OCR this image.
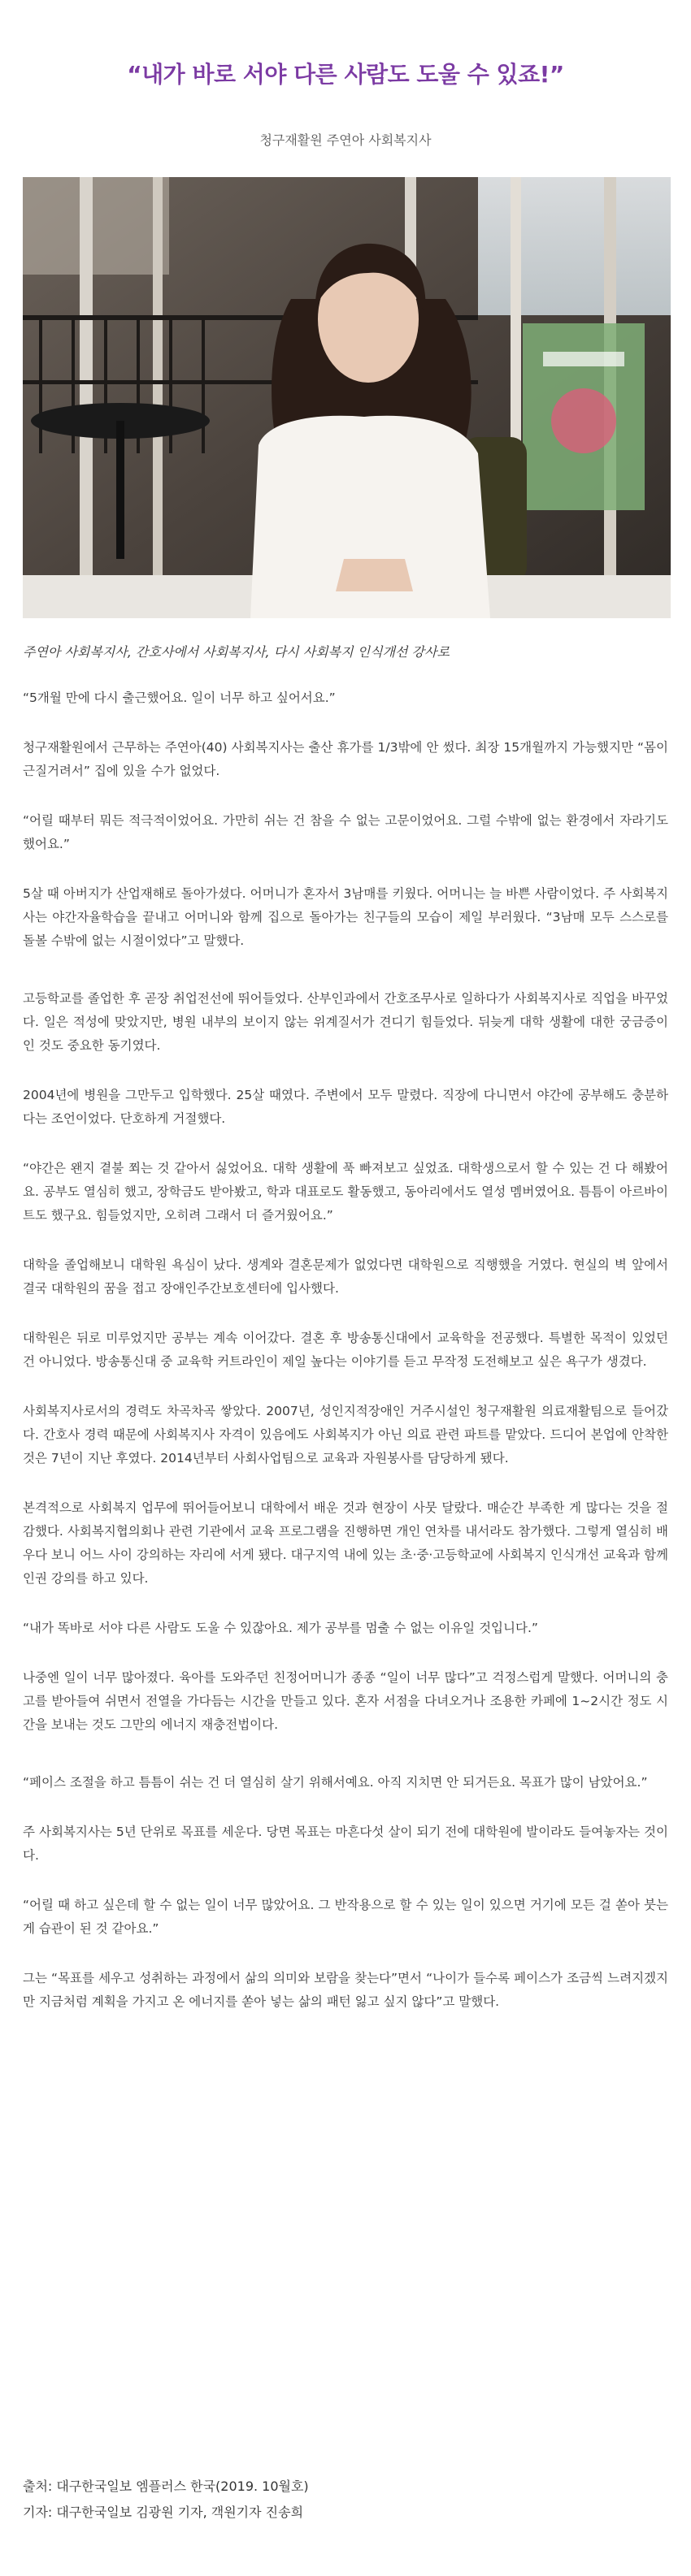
“내가 바로 서야 다른 사람도 도울 수 있죠!”
청구재활원 주연아 사회복지사
주연아 사회복지사, 간호사에서 사회복지사, 다시 사회복지 인식개선 강사로

“5개월 만에 다시 출근했어요. 일이 너무 하고 싶어서요.”

청구재활원에서 근무하는 주연아(40) 사회복지사는 출산 휴가를 1/3밖에 안 썼다. 최장 15개월까지 가능했지만 “몸이 근질거려서” 집에 있을 수가 없었다.

“어릴 때부터 뭐든 적극적이었어요. 가만히 쉬는 건 참을 수 없는 고문이었어요. 그럴 수밖에 없는 환경에서 자라기도 했어요.”

5살 때 아버지가 산업재해로 돌아가셨다. 어머니가 혼자서 3남매를 키웠다. 어머니는 늘 바쁜 사람이었다. 주 사회복지사는 야간자율학습을 끝내고 어머니와 함께 집으로 돌아가는 친구들의 모습이 제일 부러웠다. “3남매 모두 스스로를 돌볼 수밖에 없는 시절이었다”고 말했다.

고등학교를 졸업한 후 곧장 취업전선에 뛰어들었다. 산부인과에서 간호조무사로 일하다가 사회복지사로 직업을 바꾸었다. 일은 적성에 맞았지만, 병원 내부의 보이지 않는 위계질서가 견디기 힘들었다. 뒤늦게 대학 생활에 대한 궁금증이 인 것도 중요한 동기였다.

2004년에 병원을 그만두고 입학했다. 25살 때였다. 주변에서 모두 말렸다. 직장에 다니면서 야간에 공부해도 충분하다는 조언이었다. 단호하게 거절했다.

“야간은 왠지 곁불 쬐는 것 같아서 싫었어요. 대학 생활에 푹 빠져보고 싶었죠. 대학생으로서 할 수 있는 건 다 해봤어요. 공부도 열심히 했고, 장학금도 받아봤고, 학과 대표로도 활동했고, 동아리에서도 열성 멤버였어요. 틈틈이 아르바이트도 했구요. 힘들었지만, 오히려 그래서 더 즐거웠어요.”

대학을 졸업해보니 대학원 욕심이 났다. 생계와 결혼문제가 없었다면 대학원으로 직행했을 거였다. 현실의 벽 앞에서 결국 대학원의 꿈을 접고 장애인주간보호센터에 입사했다.

대학원은 뒤로 미루었지만 공부는 계속 이어갔다. 결혼 후 방송통신대에서 교육학을 전공했다. 특별한 목적이 있었던 건 아니었다. 방송통신대 중 교육학 커트라인이 제일 높다는 이야기를 듣고 무작정 도전해보고 싶은 욕구가 생겼다.

사회복지사로서의 경력도 차곡차곡 쌓았다. 2007년, 성인지적장애인 거주시설인 청구재활원 의료재활팀으로 들어갔다. 간호사 경력 때문에 사회복지사 자격이 있음에도 사회복지가 아닌 의료 관련 파트를 맡았다. 드디어 본업에 안착한 것은 7년이 지난 후였다. 2014년부터 사회사업팀으로 교육과 자원봉사를 담당하게 됐다.

본격적으로 사회복지 업무에 뛰어들어보니 대학에서 배운 것과 현장이 사뭇 달랐다. 매순간 부족한 게 많다는 것을 절감했다. 사회복지협의회나 관련 기관에서 교육 프로그램을 진행하면 개인 연차를 내서라도 참가했다. 그렇게 열심히 배우다 보니 어느 사이 강의하는 자리에 서게 됐다. 대구지역 내에 있는 초·중·고등학교에 사회복지 인식개선 교육과 함께 인권 강의를 하고 있다.

“내가 똑바로 서야 다른 사람도 도울 수 있잖아요. 제가 공부를 멈출 수 없는 이유일 것입니다.”

나중엔 일이 너무 많아졌다. 육아를 도와주던 친정어머니가 종종 “일이 너무 많다”고 걱정스럽게 말했다. 어머니의 충고를 받아들여 쉬면서 전열을 가다듬는 시간을 만들고 있다. 혼자 서점을 다녀오거나 조용한 카페에 1~2시간 정도 시간을 보내는 것도 그만의 에너지 재충전법이다.

“페이스 조절을 하고 틈틈이 쉬는 건 더 열심히 살기 위해서예요. 아직 지치면 안 되거든요. 목표가 많이 남았어요.”

주 사회복지사는 5년 단위로 목표를 세운다. 당면 목표는 마흔다섯 살이 되기 전에 대학원에 발이라도 들여놓자는 것이다.

“어릴 때 하고 싶은데 할 수 없는 일이 너무 많았어요. 그 반작용으로 할 수 있는 일이 있으면 거기에 모든 걸 쏟아 붓는 게 습관이 된 것 같아요.”

그는 “목표를 세우고 성취하는 과정에서 삶의 의미와 보람을 찾는다”면서 “나이가 들수록 페이스가 조금씩 느려지겠지만 지금처럼 계획을 가지고 온 에너지를 쏟아 넣는 삶의 패턴 잃고 싶지 않다”고 말했다.

출처: 대구한국일보 엠플러스 한국(2019. 10월호)
기자: 대구한국일보 김광원 기자, 객원기자 진송희
